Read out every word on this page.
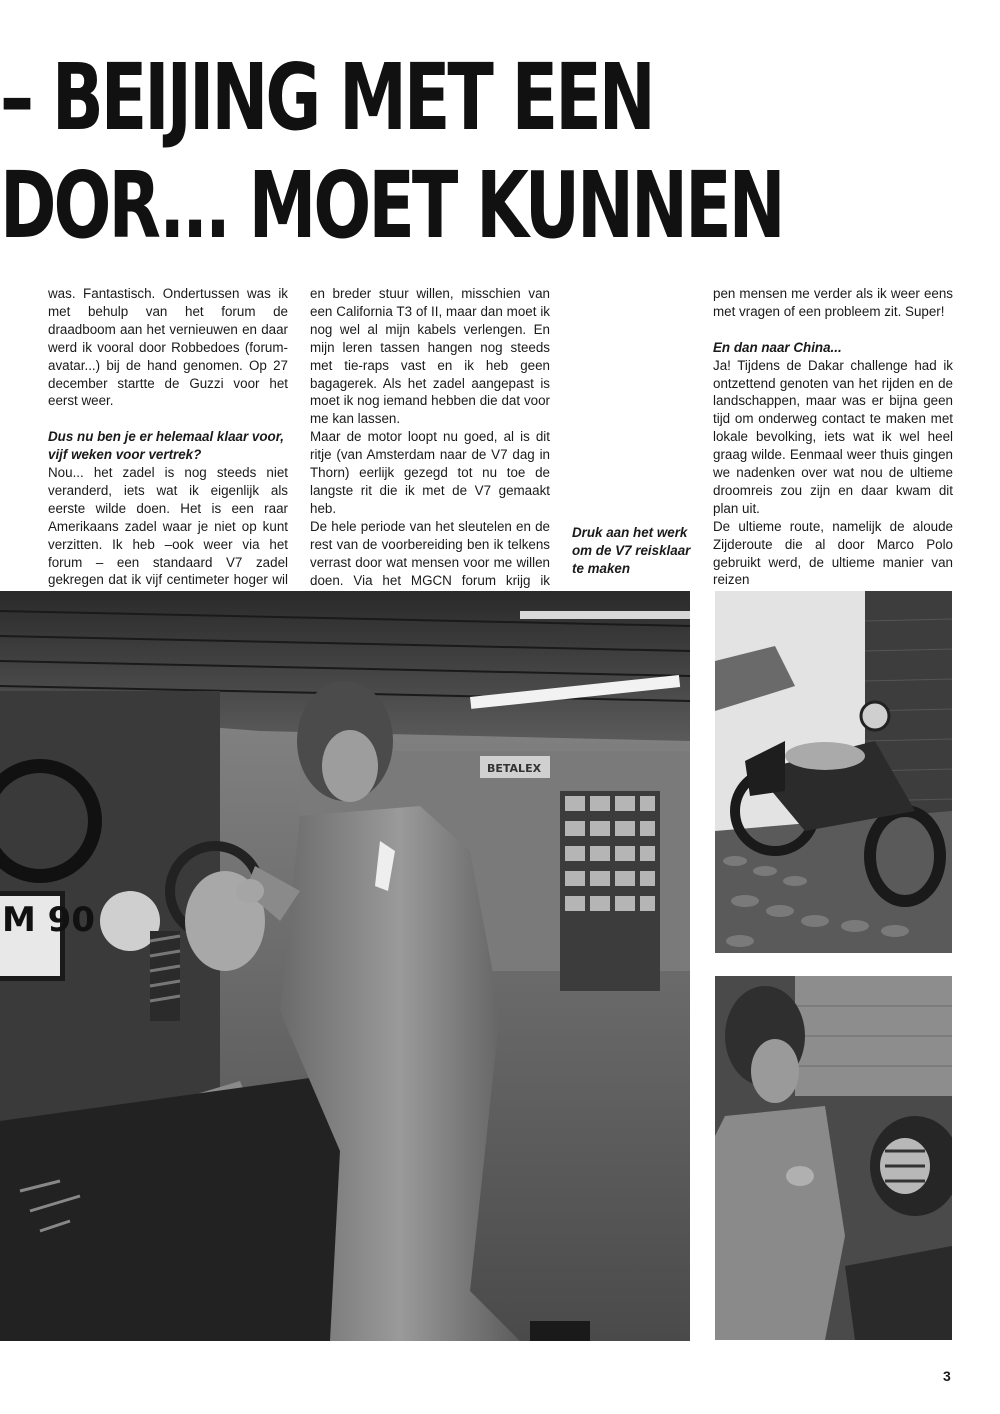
– BEIJING MET EEN
DOR... MOET KUNNEN

was. Fantastisch. Ondertussen was ik met behulp van het forum de draadboom aan het vernieuwen en daar werd ik vooral door Robbedoes (forum-avatar...) bij de hand genomen. Op 27 december startte de Guzzi voor het eerst weer.

Dus nu ben je er helemaal klaar voor, vijf weken voor vertrek?

Nou... het zadel is nog steeds niet veranderd, iets wat ik eigenlijk als eerste wilde doen. Het is een raar Amerikaans zadel waar je niet op kunt verzitten. Ik heb –ook weer via het forum – een standaard V7 zadel gekregen dat ik vijf centimeter hoger wil

en breder stuur willen, misschien van een California T3 of II, maar dan moet ik nog wel al mijn kabels verlengen. En mijn leren tassen hangen nog steeds met tie-raps vast en ik heb geen bagagerek. Als het zadel aangepast is moet ik nog iemand hebben die dat voor me kan lassen.

Maar de motor loopt nu goed, al is dit ritje (van Amsterdam naar de V7 dag in Thorn) eerlijk gezegd tot nu toe de langste rit die ik met de V7 gemaakt heb.

De hele periode van het sleutelen en de rest van de voorbereiding ben ik telkens verrast door wat mensen voor me willen doen. Via het MGCN forum krijg ik

Druk aan het werk om de V7 reisklaar te maken

pen mensen me verder als ik weer eens met vragen of een probleem zit. Super!

En dan naar China...

Ja! Tijdens de Dakar challenge had ik ontzettend genoten van het rijden en de landschappen, maar was er bijna geen tijd om onderweg contact te maken met lokale bevolking, iets wat ik wel heel graag wilde. Eenmaal weer thuis gingen we nadenken over wat nou de ultieme droomreis zou zijn en daar kwam dit plan uit.

De ultieme route, namelijk de aloude Zijderoute die al door Marco Polo gebruikt werd, de ultieme manier van reizen

BETALEX
M 90
3
